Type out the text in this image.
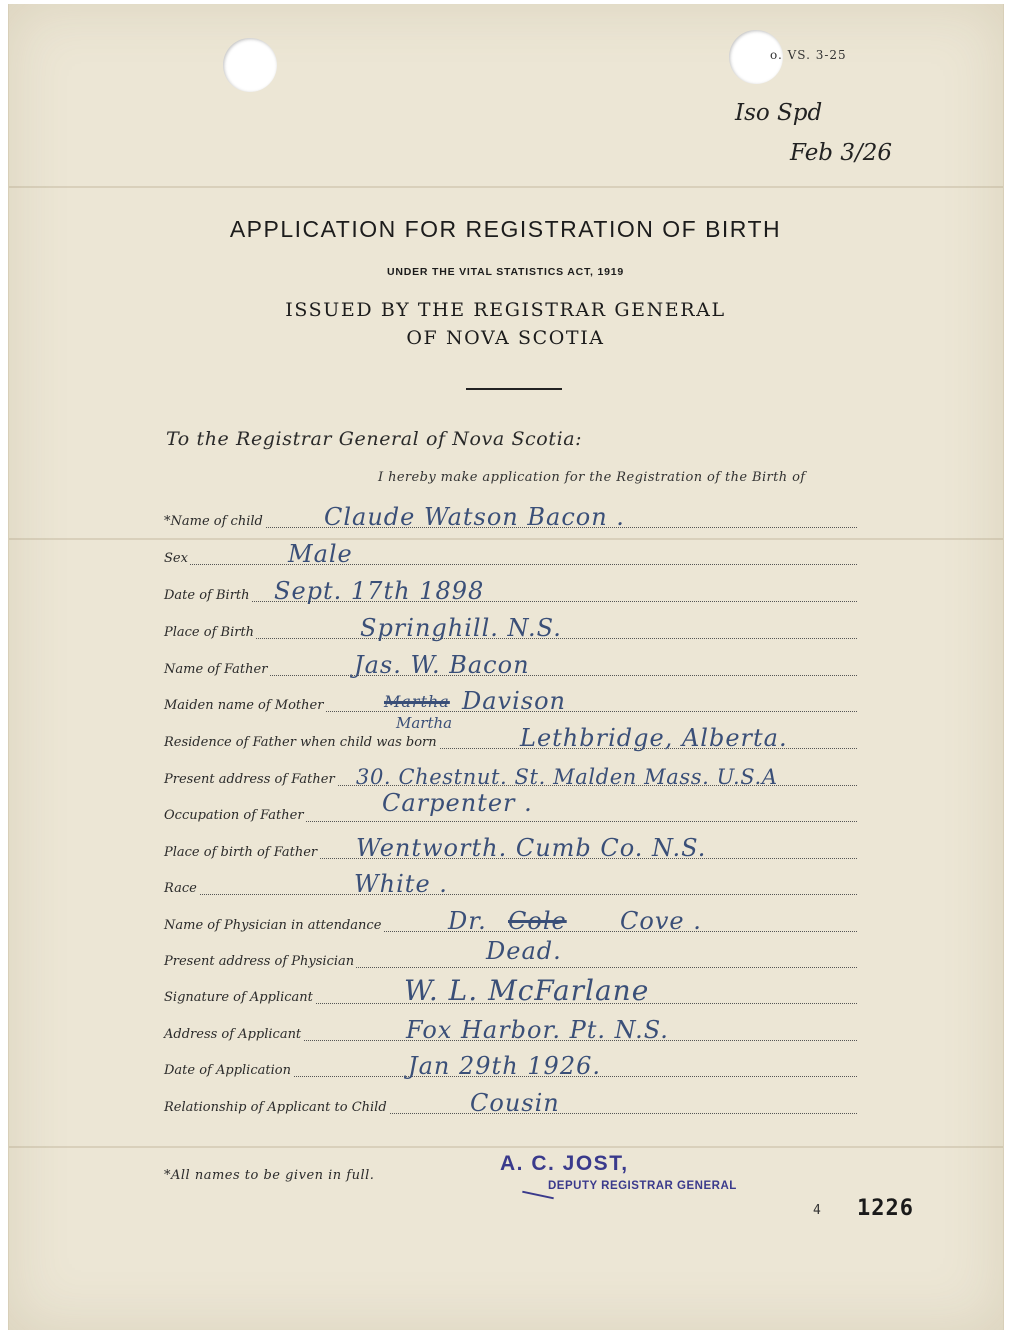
o. VS. 3-25
Iso Spd
Feb 3/26
APPLICATION FOR REGISTRATION OF BIRTH
UNDER THE VITAL STATISTICS ACT, 1919
ISSUED BY THE REGISTRAR GENERAL
OF NOVA SCOTIA
To the Registrar General of Nova Scotia:
I hereby make application for the Registration of the Birth of
*Name of child	Claude Watson Bacon .
Sex	Male
Date of Birth Sept. 17th 1898
Place of Birth	Springhill. N.S.
Name of Father	Jas. W. Bacon
Maiden name of Mother	Martha Davison
Martha
Residence of Father when child was born	Lethbridge, Alberta.
Present address of Father 30. Chestnut. St. Malden Mass. U.S.A
Occupation of Father	Carpenter .
Place of birth of Father Wentworth. Cumb Co. N.S.
Race	White .
Name of Physician in attendance	Dr. Cole Cove .
Present address of Physician	Dead.
Signature of Applicant	W. L. McFarlane
Address of Applicant	Fox Harbor. Pt. N.S.
Date of Application	Jan 29th 1926.
Relationship of Applicant to Child	Cousin
*All names to be given in full.
A. C. JOST,
DEPUTY REGISTRAR GENERAL
4 1226
